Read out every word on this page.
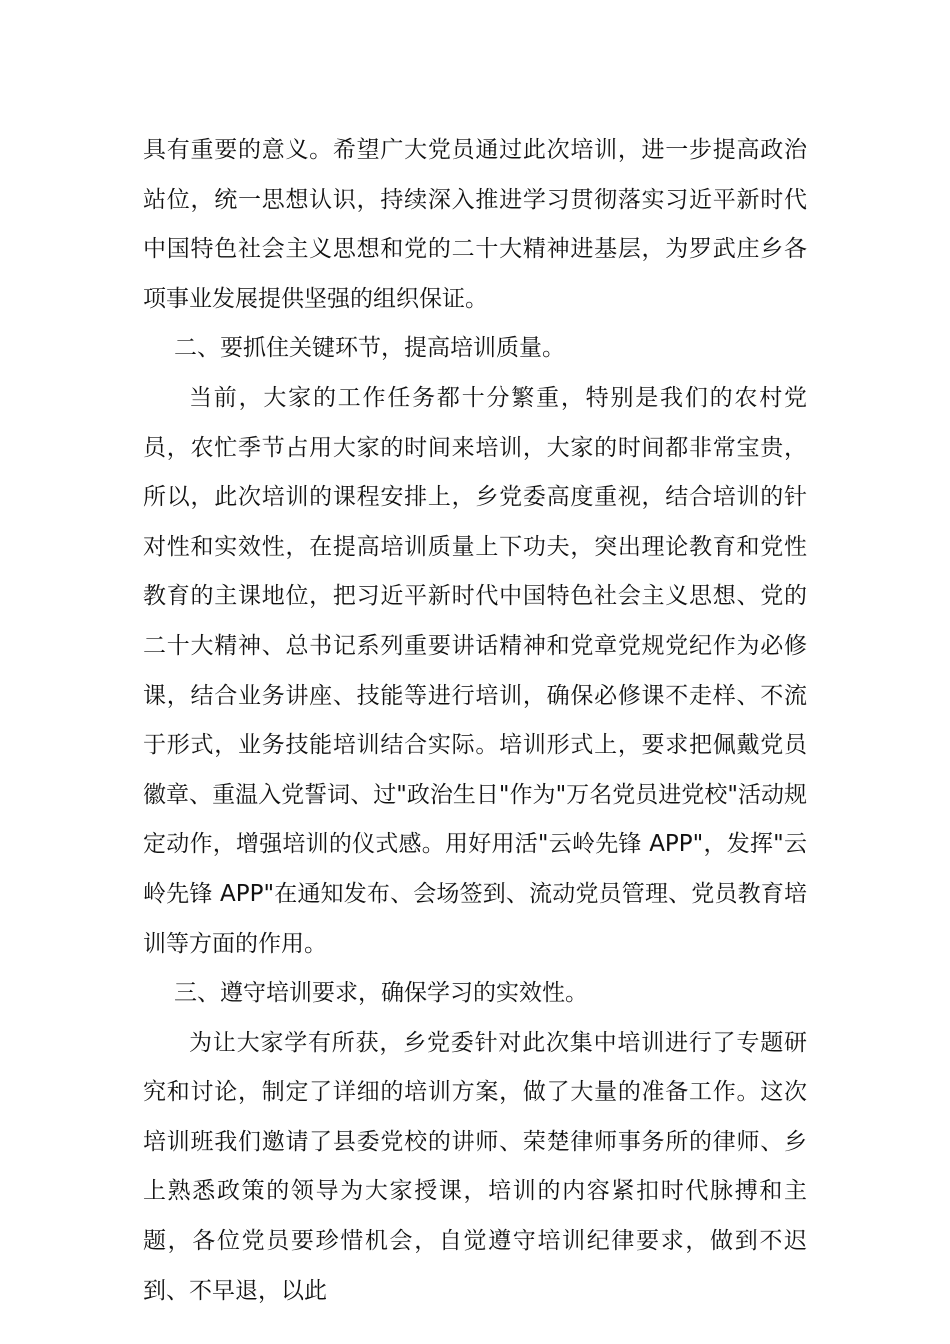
具有重要的意义。希望广大党员通过此次培训，进一步提高政治站位，统一思想认识，持续深入推进学习贯彻落实习近平新时代中国特色社会主义思想和党的二十大精神进基层，为罗武庄乡各项事业发展提供坚强的组织保证。

二、要抓住关键环节，提高培训质量。

当前，大家的工作任务都十分繁重，特别是我们的农村党员，农忙季节占用大家的时间来培训，大家的时间都非常宝贵，所以，此次培训的课程安排上，乡党委高度重视，结合培训的针对性和实效性，在提高培训质量上下功夫，突出理论教育和党性教育的主课地位，把习近平新时代中国特色社会主义思想、党的二十大精神、总书记系列重要讲话精神和党章党规党纪作为必修课，结合业务讲座、技能等进行培训，确保必修课不走样、不流于形式，业务技能培训结合实际。培训形式上，要求把佩戴党员徽章、重温入党誓词、过"政治生日"作为"万名党员进党校"活动规定动作，增强培训的仪式感。用好用活"云岭先锋 APP"，发挥"云岭先锋 APP"在通知发布、会场签到、流动党员管理、党员教育培训等方面的作用。

三、遵守培训要求，确保学习的实效性。

为让大家学有所获，乡党委针对此次集中培训进行了专题研究和讨论，制定了详细的培训方案，做了大量的准备工作。这次培训班我们邀请了县委党校的讲师、荣楚律师事务所的律师、乡上熟悉政策的领导为大家授课，培训的内容紧扣时代脉搏和主题，各位党员要珍惜机会，自觉遵守培训纪律要求，做到不迟到、不早退，以此
